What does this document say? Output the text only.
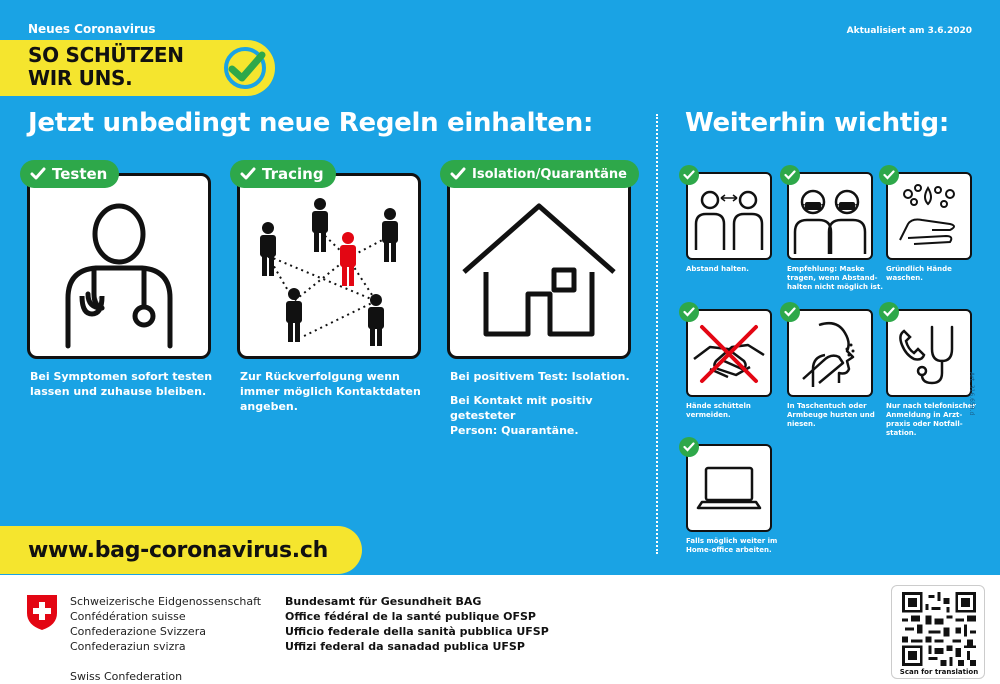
Neues Coronavirus	Aktualisiert am 3.6.2020
SO SCHÜTZEN
WIR UNS.
Jetzt unbedingt neue Regeln einhalten:	Weiterhin wichtig:
Testen
Bei Symptomen sofort testen
lassen und zuhause bleiben.
Tracing
Zur Rückverfolgung wenn
immer möglich Kontaktdaten
angeben.
Isolation/Quarantäne
Bei positivem Test: Isolation.
Bei Kontakt mit positiv getesteter
Person: Quarantäne.
Abstand halten.	Empfehlung: Maske
tragen, wenn Abstand-
halten nicht möglich ist.
Gründlich Hände
waschen.
Hände schütteln
vermeiden.
In Taschentuch oder
Armbeuge husten und
niesen.
Nur nach telefonischer
Anmeldung in Arzt-
praxis oder Notfall-
station.
Falls möglich weiter im
Home-office arbeiten.
Art. 316.659.d
www.bag-coronavirus.ch
Schweizerische Eidgenossenschaft
Confédération suisse
Confederazione Svizzera
Confederaziun svizra
Swiss Confederation
Bundesamt für Gesundheit BAG
Office fédéral de la santé publique OFSP
Ufficio federale della sanità pubblica UFSP
Uffizi federal da sanadad publica UFSP
Scan for translation
